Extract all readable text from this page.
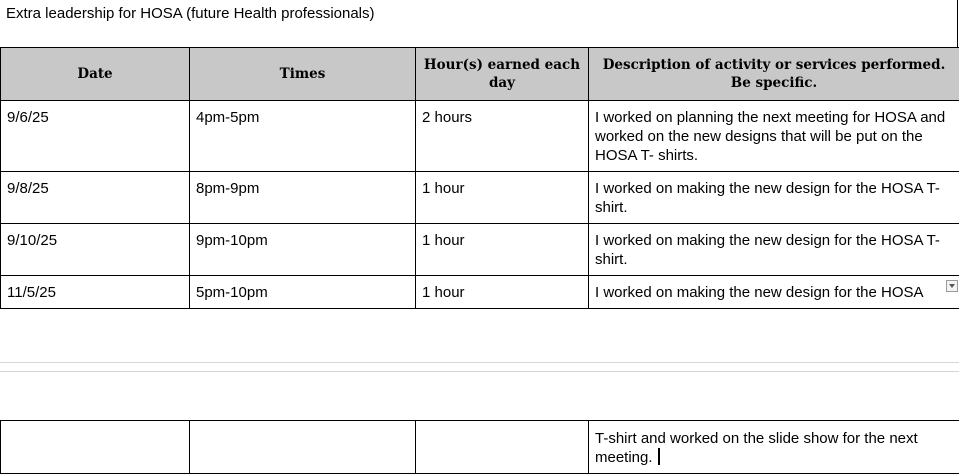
Extra leadership for HOSA (future Health professionals)
Date	Times	Hour(s) earned each day	Description of activity or services performed. Be specific.
9/6/25	4pm-5pm	2 hours	I worked on planning the next meeting for HOSA and worked on the new designs that will be put on the HOSA T- shirts.
9/8/25	8pm-9pm	1 hour	I worked on making the new design for the HOSA T-shirt.
9/10/25	9pm-10pm	1 hour	I worked on making the new design for the HOSA T-shirt.
11/5/25	5pm-10pm	1 hour	I worked on making the new design for the HOSA
			T-shirt and worked on the slide show for the next meeting.
